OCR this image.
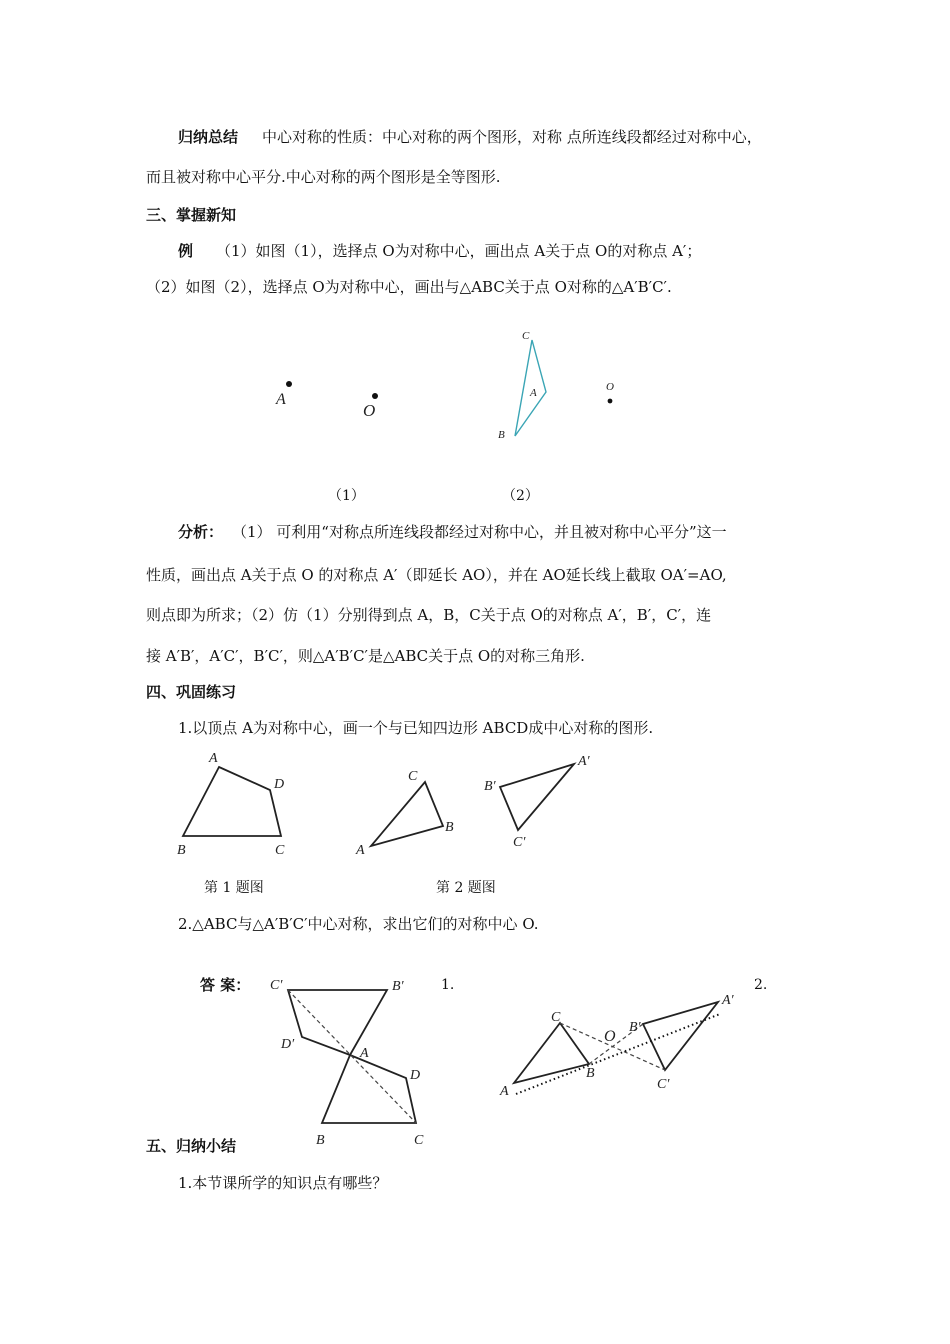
归纳总结 中心对称的性质：中心对称的两个图形，对称 点所连线段都经过对称中心，
而且被对称中心平分.中心对称的两个图形是全等图形.
三、掌握新知
例 （1）如图（1），选择点 O为对称中心，画出点 A关于点 O的对称点 A′；
（2）如图（2），选择点 O为对称中心，画出与△ABC关于点 O对称的△A′B′C′.
A
O
C
A
B
O
（1）	（2）
分析： （1） 可利用“对称点所连线段都经过对称中心，并且被对称中心平分”这一
性质，画出点 A关于点 O 的对称点 A′（即延长 AO），并在 AO延长线上截取 OA′=AO,
则点即为所求；（2）仿（1）分别得到点 A，B，C关于点 O的对称点 A′，B′，C′，连
接 A′B′，A′C′，B′C′，则△A′B′C′是△ABC关于点 O的对称三角形.
四、巩固练习
1.以顶点 A为对称中心，画一个与已知四边形 ABCD成中心对称的图形.
A
D
B	C
C
B
A
A′
B′
C′
第 1 题图	第 2 题图
2.△ABC与△A′B′C′中心对称，求出它们的对称中心 O.
答 案：	1.	2.
C′	B′
D′
A
D
B	C
C
O
B′
A′
A
B
C′
五、归纳小结
1.本节课所学的知识点有哪些？
